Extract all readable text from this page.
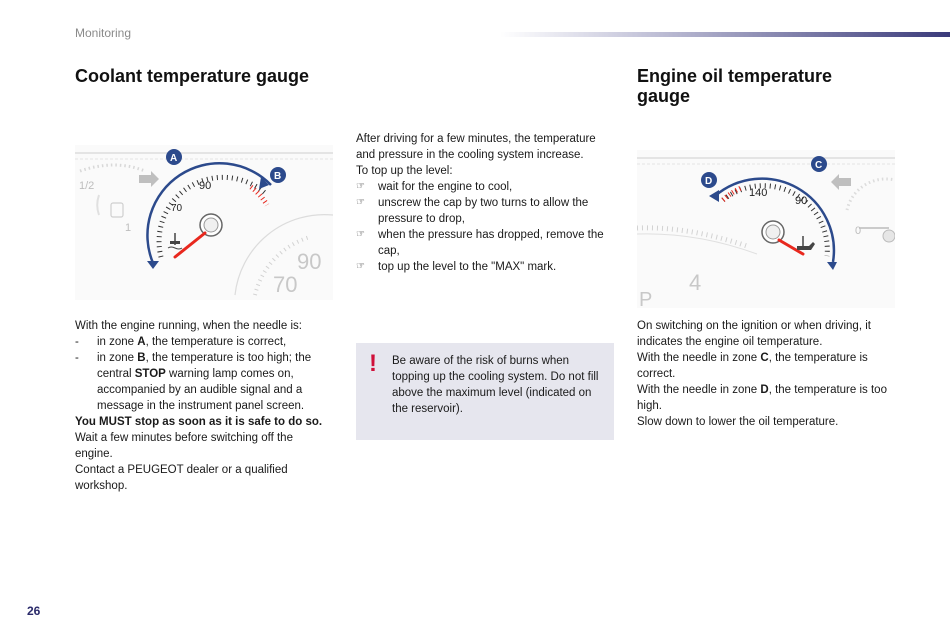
Monitoring
Coolant temperature gauge	Engine oil temperature gauge
1/2
1
90
70
A
B
90
70

With the engine running, when the needle is:

- in zone A, the temperature is correct,
- in zone B, the temperature is too high; the central STOP warning lamp comes on, accompanied by an audible signal and a message in the instrument panel screen.

You MUST stop as soon as it is safe to do so.

Wait a few minutes before switching off the engine.

Contact a PEUGEOT dealer or a qualified workshop.

After driving for a few minutes, the temperature and pressure in the cooling system increase.

To top up the level:

☞ wait for the engine to cool,
☞ unscrew the cap by two turns to allow the pressure to drop,
☞ when the pressure has dropped, remove the cap,
☞ top up the level to the "MAX" mark.
! Be aware of the risk of burns when topping up the cooling system. Do not fill above the maximum level (indicated on the reservoir).
0
140
90
D
C
4
P

On switching on the ignition or when driving, it indicates the engine oil temperature.

With the needle in zone C, the temperature is correct.

With the needle in zone D, the temperature is too high.

Slow down to lower the oil temperature.

26
